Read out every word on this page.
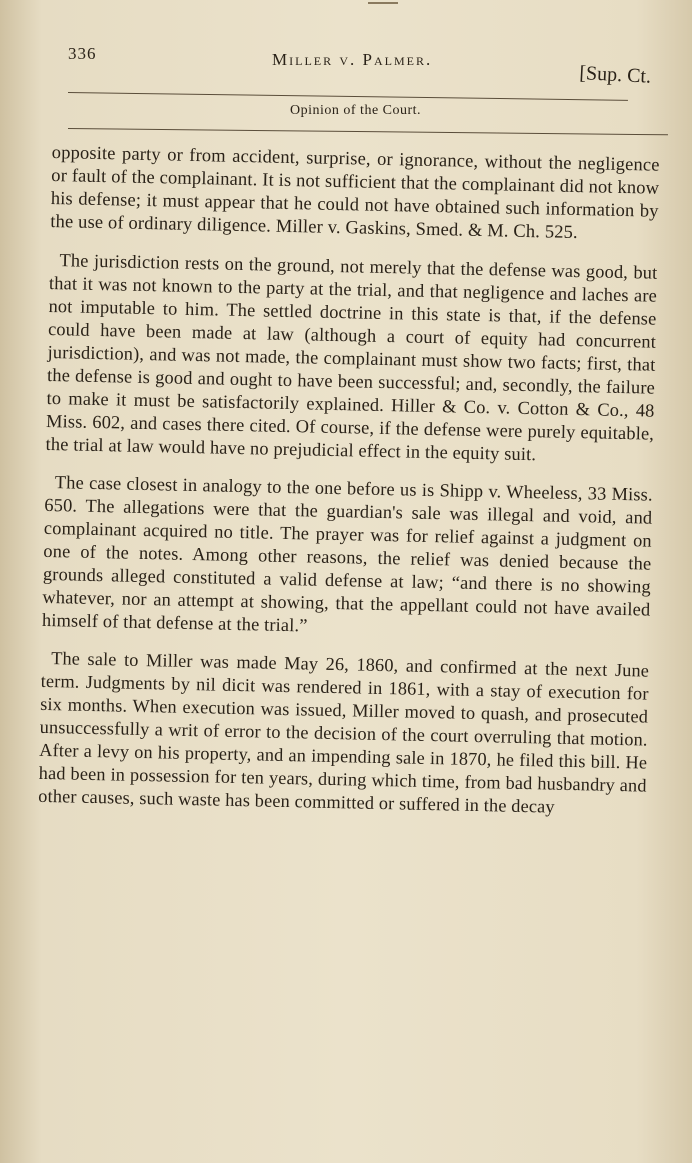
336	Miller v. Palmer.
[Sup. Ct.
Opinion of the Court.

opposite party or from accident, surprise, or ignorance, without the negligence or fault of the complainant. It is not sufficient that the complainant did not know his defense; it must appear that he could not have obtained such information by the use of ordinary diligence. Miller v. Gaskins, Smed. & M. Ch. 525.

The jurisdiction rests on the ground, not merely that the defense was good, but that it was not known to the party at the trial, and that negligence and laches are not imputable to him. The settled doctrine in this state is that, if the defense could have been made at law (although a court of equity had concurrent jurisdiction), and was not made, the complainant must show two facts; first, that the defense is good and ought to have been successful; and, secondly, the failure to make it must be satisfactorily explained. Hiller & Co. v. Cotton & Co., 48 Miss. 602, and cases there cited. Of course, if the defense were purely equitable, the trial at law would have no prejudicial effect in the equity suit.

The case closest in analogy to the one before us is Shipp v. Wheeless, 33 Miss. 650. The allegations were that the guardian's sale was illegal and void, and complainant acquired no title. The prayer was for relief against a judgment on one of the notes. Among other reasons, the relief was denied because the grounds alleged constituted a valid defense at law; “and there is no showing whatever, nor an attempt at showing, that the appellant could not have availed himself of that defense at the trial.”

The sale to Miller was made May 26, 1860, and confirmed at the next June term. Judgments by nil dicit was rendered in 1861, with a stay of execution for six months. When execution was issued, Miller moved to quash, and prosecuted unsuccessfully a writ of error to the decision of the court overruling that motion. After a levy on his property, and an impending sale in 1870, he filed this bill. He had been in possession for ten years, during which time, from bad husbandry and other causes, such waste has been committed or suffered in the decay
